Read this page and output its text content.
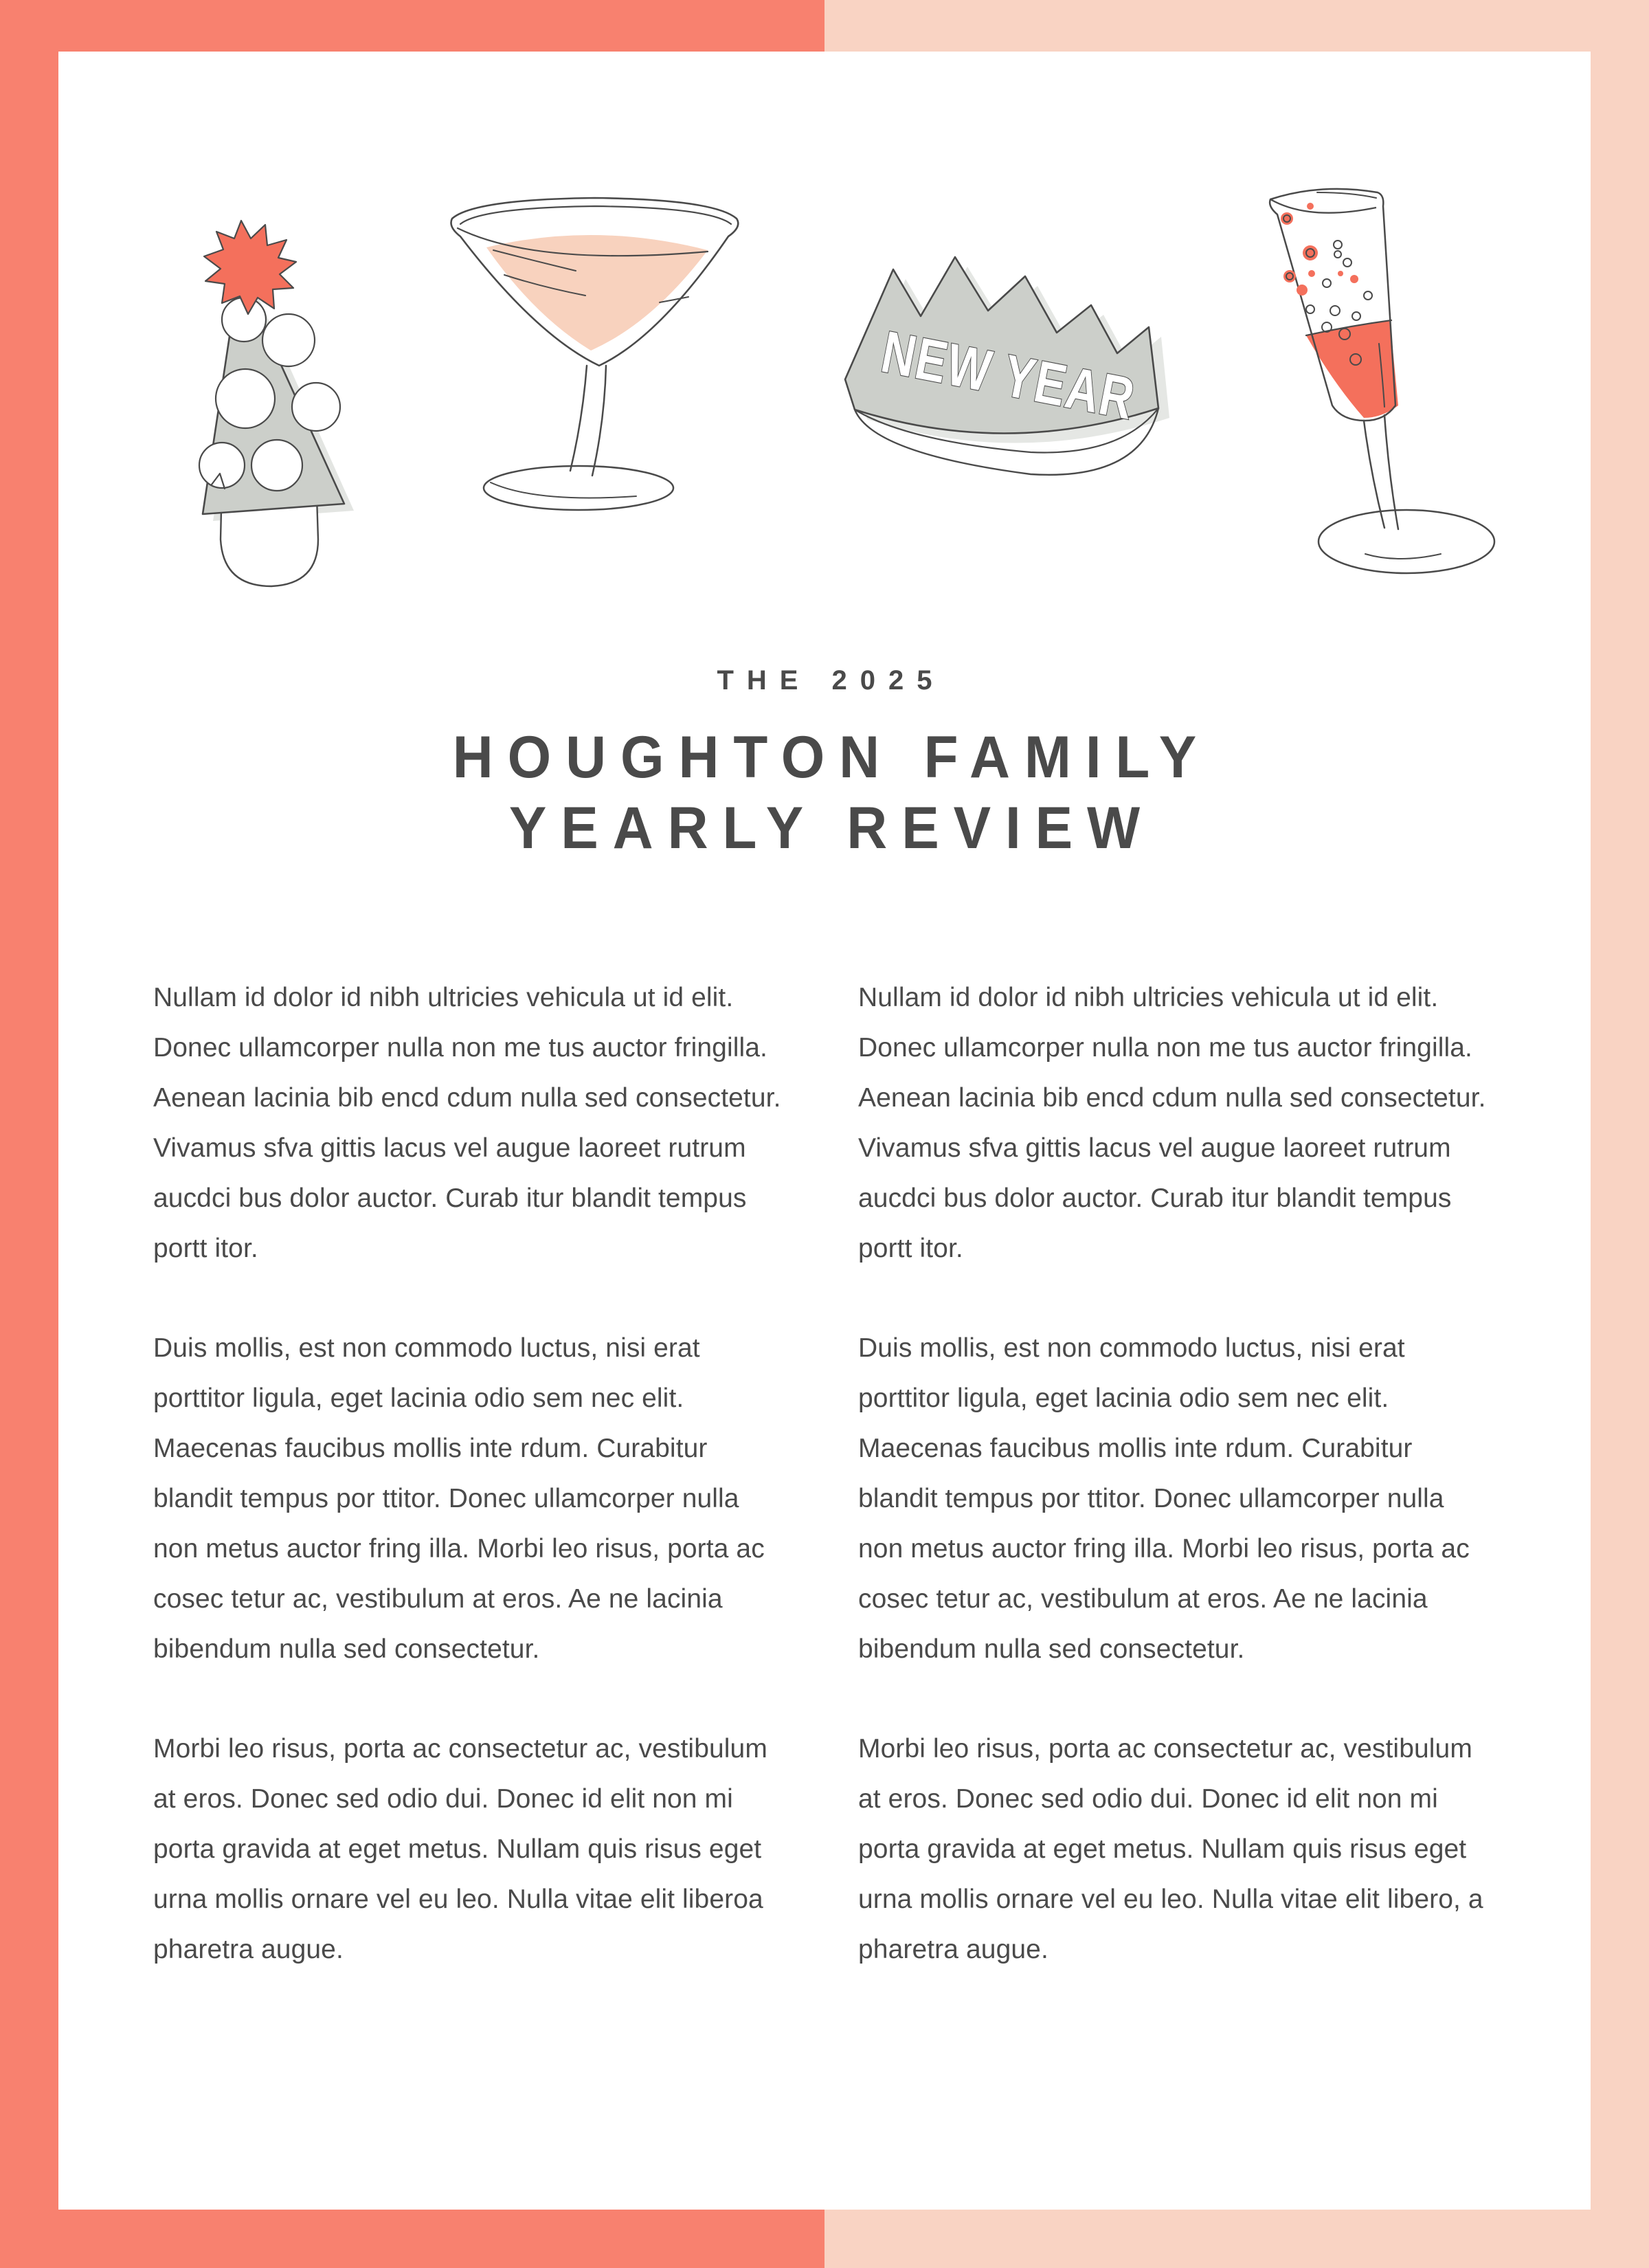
NEW YEAR
THE 2025
HOUGHTON FAMILY
YEARLY REVIEW

Nullam id dolor id nibh ultricies vehicula ut id elit. Donec ullamcorper nulla non me tus auctor fringilla. Aenean lacinia bib encd cdum nulla sed consectetur. Vivamus sfva gittis lacus vel augue laoreet rutrum aucdci bus dolor auctor. Curab itur blandit tempus portt itor.

Duis mollis, est non commodo luctus, nisi erat porttitor ligula, eget lacinia odio sem nec elit. Maecenas faucibus mollis inte rdum. Curabitur blandit tempus por ttitor. Donec ullamcorper nulla non metus auctor fring illa. Morbi leo risus, porta ac cosec tetur ac, vestibulum at eros. Ae ne lacinia bibendum nulla sed consectetur.

Morbi leo risus, porta ac consectetur ac, vestibulum at eros. Donec sed odio dui. Donec id elit non mi porta gravida at eget metus. Nullam quis risus eget urna mollis ornare vel eu leo. Nulla vitae elit liberoa pharetra augue.

Nullam id dolor id nibh ultricies vehicula ut id elit. Donec ullamcorper nulla non me tus auctor fringilla. Aenean lacinia bib encd cdum nulla sed consectetur. Vivamus sfva gittis lacus vel augue laoreet rutrum aucdci bus dolor auctor. Curab itur blandit tempus portt itor.

Duis mollis, est non commodo luctus, nisi erat porttitor ligula, eget lacinia odio sem nec elit. Maecenas faucibus mollis inte rdum. Curabitur blandit tempus por ttitor. Donec ullamcorper nulla non metus auctor fring illa. Morbi leo risus, porta ac cosec tetur ac, vestibulum at eros. Ae ne lacinia bibendum nulla sed consectetur.

Morbi leo risus, porta ac consectetur ac, vestibulum at eros. Donec sed odio dui. Donec id elit non mi porta gravida at eget metus. Nullam quis risus eget urna mollis ornare vel eu leo. Nulla vitae elit libero, a pharetra augue.
